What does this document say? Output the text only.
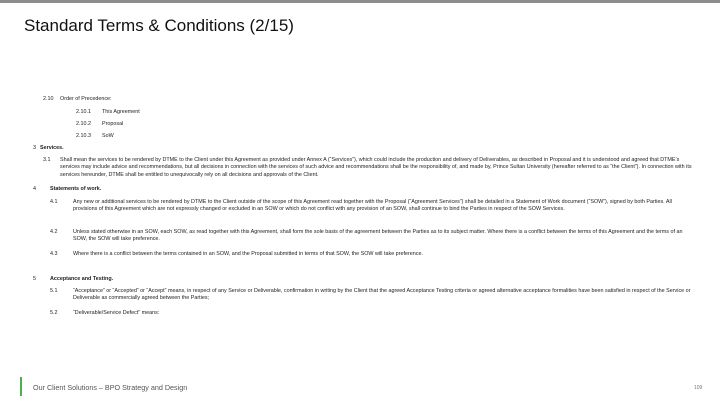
Standard Terms & Conditions (2/15)
2.10 Order of Precedence:
2.10.1 This Agreement
2.10.2 Proposal
2.10.3 SoW
3 Services.
3.1 Shall mean the services to be rendered by DTME to the Client under this Agreement as provided under Annex A (“Services”), which could include the production and delivery of Deliverables, as described in Proposal and it is understood and agreed that DTME’s services may include advice and recommendations, but all decisions in connection with the services of such advice and recommendations shall be the responsibility of, and made by, Prince Sultan University (hereafter referred to as “the Client”). In connection with its services hereunder, DTME shall be entitled to unequivocally rely on all decisions and approvals of the Client.
4	Statements of work.
4.1	Any new or additional services to be rendered by DTME to the Client outside of the scope of this Agreement read together with the Proposal (“Agreement Services”) shall be detailed in a Statement of Work document (“SOW”), signed by both Parties. All provisions of this Agreement which are not expressly changed or excluded in an SOW or which do not conflict with any provision of an SOW, shall continue to bind the Parties in respect of the SOW Services.
4.2	Unless stated otherwise in an SOW, each SOW, as read together with this Agreement, shall form the sole basis of the agreement between the Parties as to its subject matter. Where there is a conflict between the terms of this Agreement and the terms of an SOW, the SOW will take preference.
4.3	Where there is a conflict between the terms contained in an SOW, and the Proposal submitted in terms of that SOW, the SOW will take preference.
5	Acceptance and Testing.
5.1	“Acceptance” or “Accepted” or “Accept” means, in respect of any Service or Deliverable, confirmation in writing by the Client that the agreed Acceptance Testing criteria or agreed alternative acceptance formalities have been satisfied in respect of the Service or Deliverable as commercially agreed between the Parties;
5.2	“Deliverable/Service Defect” means:
Our Client Solutions – BPO Strategy and Design	109
